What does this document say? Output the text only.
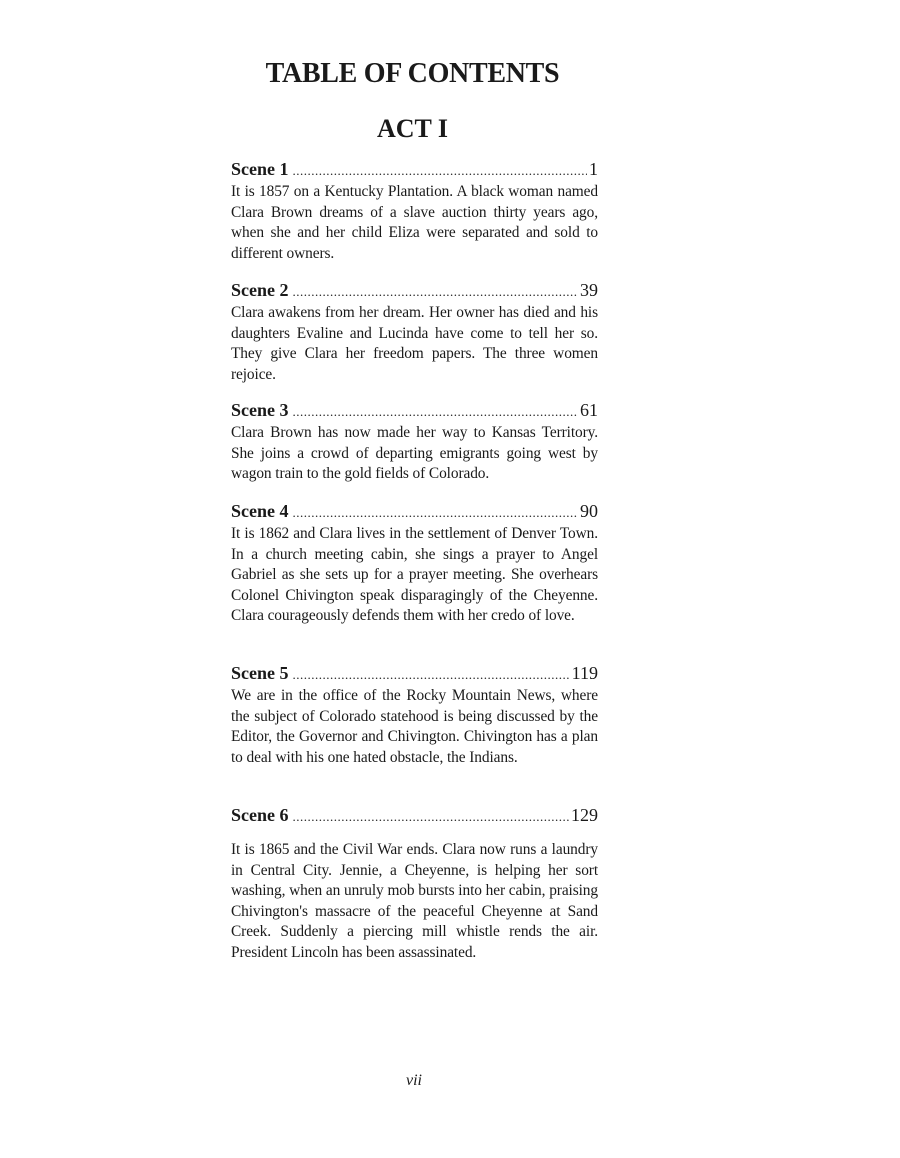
TABLE OF CONTENTS
ACT I
Scene 1 .....	1

It is 1857 on a Kentucky Plantation. A black woman named Clara Brown dreams of a slave auction thirty years ago, when she and her child Eliza were separated and sold to different owners.

Scene 2 .....	39

Clara awakens from her dream. Her owner has died and his daughters Evaline and Lucinda have come to tell her so. They give Clara her freedom papers. The three women rejoice.

Scene 3 .....	61

Clara Brown has now made her way to Kansas Territory. She joins a crowd of departing emigrants going west by wagon train to the gold fields of Colorado.

Scene 4 .....	90

It is 1862 and Clara lives in the settlement of Denver Town. In a church meeting cabin, she sings a prayer to Angel Gabriel as she sets up for a prayer meeting. She overhears Colonel Chivington speak disparagingly of the Cheyenne. Clara courageously defends them with her credo of love.

Scene 5 .....	119

We are in the office of the Rocky Mountain News, where the subject of Colorado statehood is being discussed by the Editor, the Governor and Chivington. Chivington has a plan to deal with his one hated obstacle, the Indians.

Scene 6 .....	129

It is 1865 and the Civil War ends. Clara now runs a laundry in Central City. Jennie, a Cheyenne, is helping her sort washing, when an unruly mob bursts into her cabin, praising Chivington's massacre of the peaceful Cheyenne at Sand Creek. Suddenly a piercing mill whistle rends the air. President Lincoln has been assassinated.

vii
